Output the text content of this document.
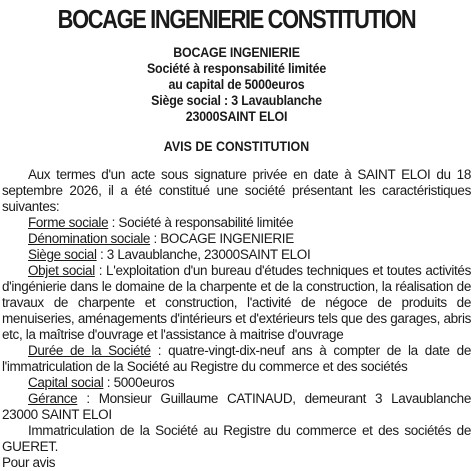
BOCAGE INGENIERIE CONSTITUTION
BOCAGE INGENIERIE
Société à responsabilité limitée
au capital de 5000euros
Siège social : 3 Lavaublanche
23000SAINT ELOI
AVIS DE CONSTITUTION

Aux termes d'un acte sous signature privée en date à SAINT ELOI du 18 septembre 2026, il a été constitué une société présentant les caractéristiques suivantes:

Forme sociale : Société à responsabilité limitée

Dénomination sociale : BOCAGE INGENIERIE

Siège social : 3 Lavaublanche, 23000SAINT ELOI

Objet social : L'exploitation d'un bureau d'études techniques et toutes activités d'ingénierie dans le domaine de la charpente et de la construction, la réalisation de travaux de charpente et construction, l'activité de négoce de produits de menuiseries, aménagements d'intérieurs et d'extérieurs tels que des garages, abris etc, la maîtrise d'ouvrage et l'assistance à maitrise d'ouvrage

Durée de la Société : quatre-vingt-dix-neuf ans à compter de la date de l'immatriculation de la Société au Registre du commerce et des sociétés

Capital social : 5000euros

Gérance : Monsieur Guillaume CATINAUD, demeurant 3 Lavaublanche 23000 SAINT ELOI

Immatriculation de la Société au Registre du commerce et des sociétés de GUERET.

Pour avis
